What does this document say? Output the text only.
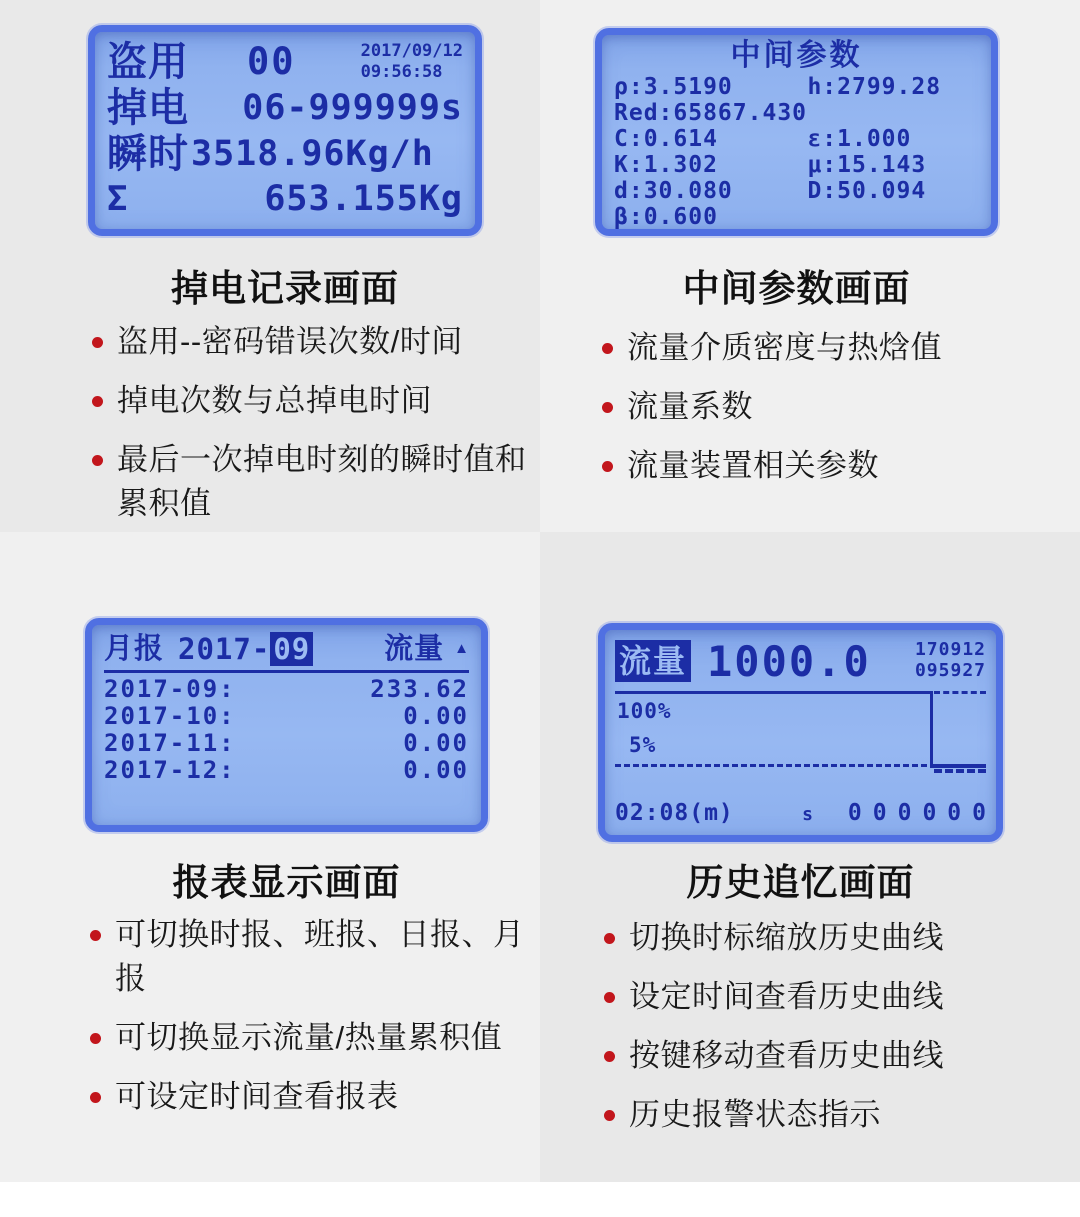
盗用 00	2017/09/12
09:56:58
掉电 06-999999s
瞬时 3518.96Kg/h
Σ	653.155Kg
中间参数
ρ:3.5190	h:2799.28
Red:65867.430
C:0.614	ε:1.000
K:1.302	μ:15.143
d:30.080	D:50.094
β:0.600
月报 2017- 09	流量 ▲
2017-09:	233.62
2017-10:	0.00
2017-11:	0.00
2017-12:	0.00
流量 1000.0 170912
095927
100%
5%
02:08(m)	s 000000
掉电记录画面	中间参数画面
报表显示画面	历史追忆画面
盗用--密码错误次数/时间
掉电次数与总掉电时间
最后一次掉电时刻的瞬时值和累积值
流量介质密度与热焓值
流量系数
流量装置相关参数
可切换时报、班报、日报、月报
可切换显示流量/热量累积值
可设定时间查看报表
切换时标缩放历史曲线
设定时间查看历史曲线
按键移动查看历史曲线
历史报警状态指示
